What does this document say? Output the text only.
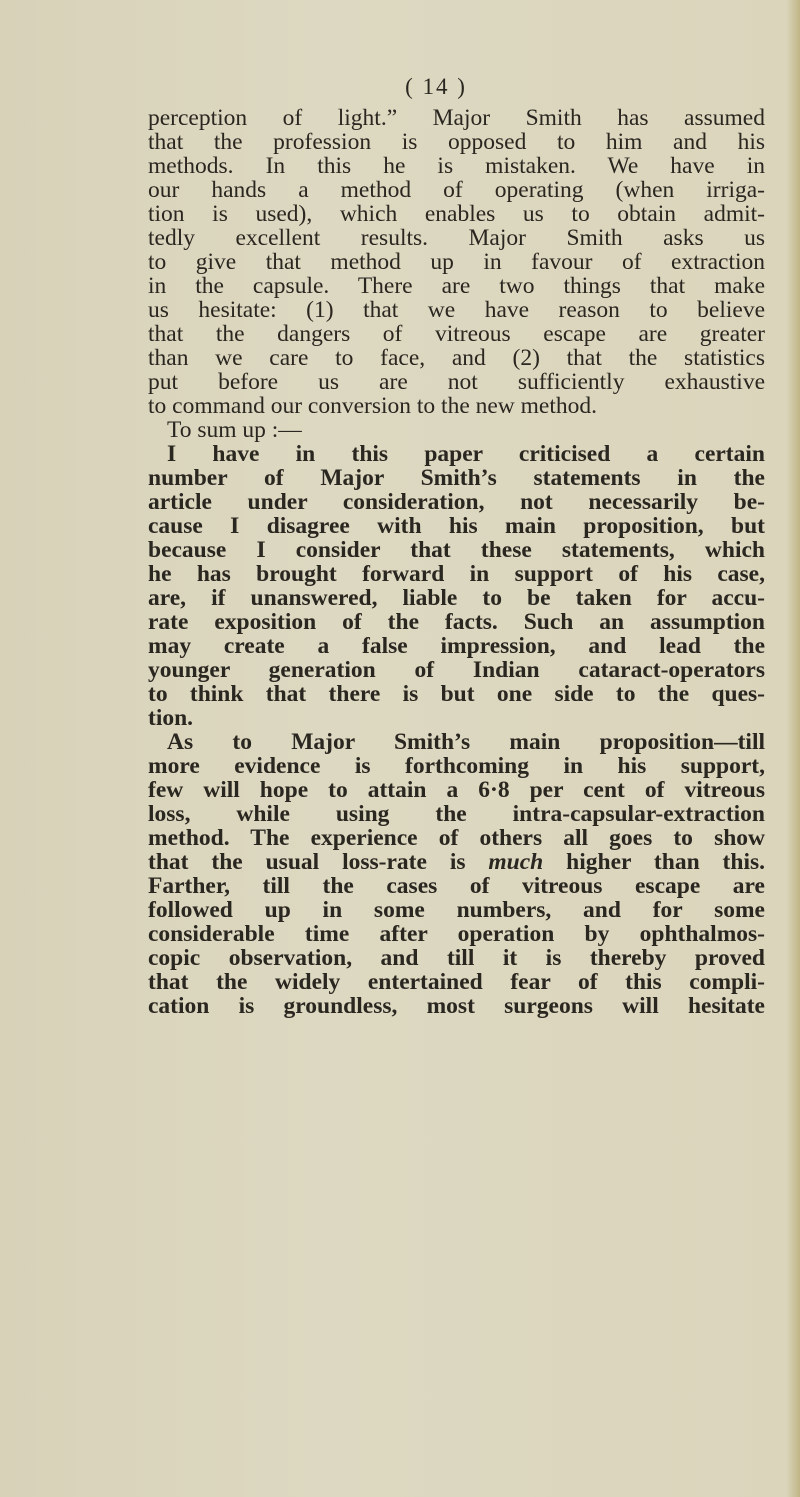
( 14 )
perception of light.” Major Smith has assumed
that the profession is opposed to him and his
methods. In this he is mistaken. We have in
our hands a method of operating (when irriga-
tion is used), which enables us to obtain admit-
tedly excellent results. Major Smith asks us
to give that method up in favour of extraction
in the capsule. There are two things that make
us hesitate: (1) that we have reason to believe
that the dangers of vitreous escape are greater
than we care to face, and (2) that the statistics
put before us are not sufficiently exhaustive
to command our conversion to the new method.
To sum up :—
I have in this paper criticised a certain
number of Major Smith’s statements in the
article under consideration, not necessarily be-
cause I disagree with his main proposition, but
because I consider that these statements, which
he has brought forward in support of his case,
are, if unanswered, liable to be taken for accu-
rate exposition of the facts. Such an assumption
may create a false impression, and lead the
younger generation of Indian cataract-operators
to think that there is but one side to the ques-
tion.
As to Major Smith’s main proposition—till
more evidence is forthcoming in his support,
few will hope to attain a 6·8 per cent of vitreous
loss, while using the intra-capsular-extraction
method. The experience of others all goes to show
that the usual loss-rate is much higher than this.
Farther, till the cases of vitreous escape are
followed up in some numbers, and for some
considerable time after operation by ophthalmos-
copic observation, and till it is thereby proved
that the widely entertained fear of this compli-
cation is groundless, most surgeons will hesitate
